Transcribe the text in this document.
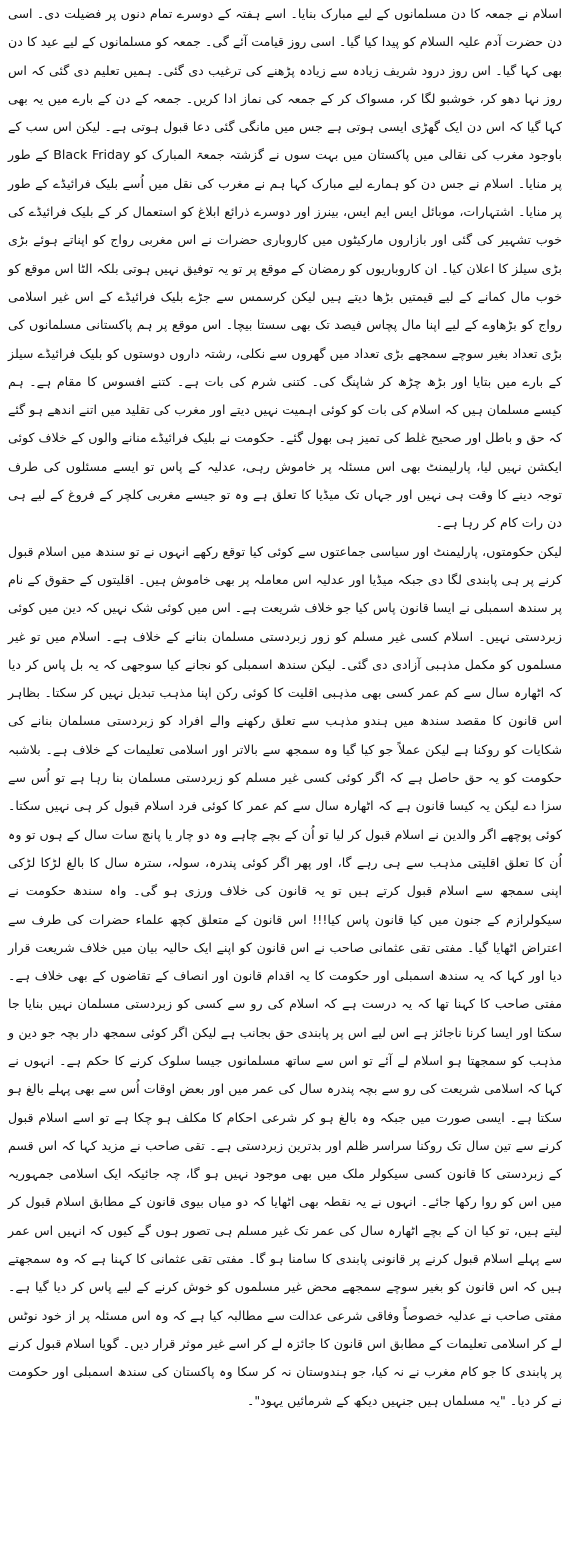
اسلام نے جمعہ کا دن مسلمانوں کے لیے مبارک بنایا۔ اسے ہفتہ کے دوسرے تمام دنوں پر فضیلت دی۔ اسی دن حضرت آدم علیہ السلام کو پیدا کیا گیا۔ اسی روز قیامت آئے گی۔ جمعہ کو مسلمانوں کے لیے عید کا دن بھی کہا گیا۔ اس روز درود شریف زیادہ سے زیادہ پڑھنے کی ترغیب دی گئی۔ ہمیں تعلیم دی گئی کہ اس روز نہا دھو کر، خوشبو لگا کر، مسواک کر کے جمعہ کی نماز ادا کریں۔ جمعہ کے دن کے بارے میں یہ بھی کہا گیا کہ اس دن ایک گھڑی ایسی ہوتی ہے جس میں مانگی گئی دعا قبول ہوتی ہے۔ لیکن اس سب کے باوجود مغرب کی نقالی میں پاکستان میں بہت سوں نے گزشتہ جمعۃ المبارک کو Black Friday کے طور پر منایا۔ اسلام نے جس دن کو ہمارے لیے مبارک کہا ہم نے مغرب کی نقل میں اُسے بلیک فرائیڈے کے طور پر منایا۔ اشتہارات، موبائل ایس ایم ایس، بینرز اور دوسرے ذرائع ابلاغ کو استعمال کر کے بلیک فرائیڈے کی خوب تشہیر کی گئی اور بازاروں مارکیٹوں میں کاروباری حضرات نے اس مغربی رواج کو اپناتے ہوئے بڑی بڑی سیلز کا اعلان کیا۔ ان کاروباریوں کو رمضان کے موقع پر تو یہ توفیق نہیں ہوتی بلکہ الٹا اس موقع کو خوب مال کمانے کے لیے قیمتیں بڑھا دیتے ہیں لیکن کرسمس سے جڑے بلیک فرائیڈے کے اس غیر اسلامی رواج کو بڑھاوے کے لیے اپنا مال پچاس فیصد تک بھی سستا بیچا۔ اس موقع پر ہم پاکستانی مسلمانوں کی بڑی تعداد بغیر سوچے سمجھے بڑی تعداد میں گھروں سے نکلی، رشتہ داروں دوستوں کو بلیک فرائیڈے سیلز کے بارے میں بتایا اور بڑھ چڑھ کر شاپنگ کی۔ کتنی شرم کی بات ہے۔ کتنے افسوس کا مقام ہے۔ ہم کیسے مسلمان ہیں کہ اسلام کی بات کو کوئی اہمیت نہیں دیتے اور مغرب کی تقلید میں اتنے اندھے ہو گئے کہ حق و باطل اور صحیح غلط کی تمیز ہی بھول گئے۔ حکومت نے بلیک فرائیڈے منانے والوں کے خلاف کوئی ایکشن نہیں لیا، پارلیمنٹ بھی اس مسئلہ پر خاموش رہی، عدلیہ کے پاس تو ایسے مسئلوں کی طرف توجہ دینے کا وقت ہی نہیں اور جہاں تک میڈیا کا تعلق ہے وہ تو جیسے مغربی کلچر کے فروغ کے لیے ہی دن رات کام کر رہا ہے۔

لیکن حکومتوں، پارلیمنٹ اور سیاسی جماعتوں سے کوئی کیا توقع رکھے انہوں نے تو سندھ میں اسلام قبول کرنے پر ہی پابندی لگا دی جبکہ میڈیا اور عدلیہ اس معاملہ پر بھی خاموش ہیں۔ اقلیتوں کے حقوق کے نام پر سندھ اسمبلی نے ایسا قانون پاس کیا جو خلاف شریعت ہے۔ اس میں کوئی شک نہیں کہ دین میں کوئی زبردستی نہیں۔ اسلام کسی غیر مسلم کو زور زبردستی مسلمان بنانے کے خلاف ہے۔ اسلام میں تو غیر مسلموں کو مکمل مذہبی آزادی دی گئی۔ لیکن سندھ اسمبلی کو نجانے کیا سوجھی کہ یہ بل پاس کر دیا کہ اٹھارہ سال سے کم عمر کسی بھی مذہبی اقلیت کا کوئی رکن اپنا مذہب تبدیل نہیں کر سکتا۔ بظاہر اس قانون کا مقصد سندھ میں ہندو مذہب سے تعلق رکھنے والے افراد کو زبردستی مسلمان بنانے کی شکایات کو روکنا ہے لیکن عملاً جو کیا گیا وہ سمجھ سے بالاتر اور اسلامی تعلیمات کے خلاف ہے۔ بلاشبہ حکومت کو یہ حق حاصل ہے کہ اگر کوئی کسی غیر مسلم کو زبردستی مسلمان بنا رہا ہے تو اُس سے سزا دے لیکن یہ کیسا قانون ہے کہ اٹھارہ سال سے کم عمر کا کوئی فرد اسلام قبول کر ہی نہیں سکتا۔ کوئی پوچھے اگر والدین نے اسلام قبول کر لیا تو اُن کے بچے چاہے وہ دو چار یا پانچ سات سال کے ہوں تو وہ اُن کا تعلق اقلیتی مذہب سے ہی رہے گا، اور پھر اگر کوئی پندرہ، سولہ، سترہ سال کا بالغ لڑکا لڑکی اپنی سمجھ سے اسلام قبول کرتے ہیں تو یہ قانون کی خلاف ورزی ہو گی۔ واہ سندھ حکومت نے سیکولرازم کے جنون میں کیا قانون پاس کیا!!! اس قانون کے متعلق کچھ علماء حضرات کی طرف سے اعتراض اٹھایا گیا۔ مفتی تقی عثمانی صاحب نے اس قانون کو اپنے ایک حالیہ بیان میں خلاف شریعت قرار دیا اور کہا کہ یہ سندھ اسمبلی اور حکومت کا یہ اقدام قانون اور انصاف کے تقاضوں کے بھی خلاف ہے۔ مفتی صاحب کا کہنا تھا کہ یہ درست ہے کہ اسلام کی رو سے کسی کو زبردستی مسلمان نہیں بنایا جا سکتا اور ایسا کرنا ناجائز ہے اس لیے اس پر پابندی حق بجانب ہے لیکن اگر کوئی سمجھ دار بچہ جو دین و مذہب کو سمجھتا ہو اسلام لے آئے تو اس سے ساتھ مسلمانوں جیسا سلوک کرنے کا حکم ہے۔ انہوں نے کہا کہ اسلامی شریعت کی رو سے بچہ پندرہ سال کی عمر میں اور بعض اوقات اُس سے بھی پہلے بالغ ہو سکتا ہے۔ ایسی صورت میں جبکہ وہ بالغ ہو کر شرعی احکام کا مکلف ہو چکا ہے تو اسے اسلام قبول کرنے سے تین سال تک روکنا سراسر ظلم اور بدترین زبردستی ہے۔ تقی صاحب نے مزید کہا کہ اس قسم کے زبردستی کا قانون کسی سیکولر ملک میں بھی موجود نہیں ہو گا، چہ جائیکہ ایک اسلامی جمہوریہ میں اس کو روا رکھا جائے۔ انہوں نے یہ نقطہ بھی اٹھایا کہ دو میاں بیوی قانون کے مطابق اسلام قبول کر لیتے ہیں، تو کیا ان کے بچے اٹھارہ سال کی عمر تک غیر مسلم ہی تصور ہوں گے کیوں کہ انہیں اس عمر سے پہلے اسلام قبول کرنے پر قانونی پابندی کا سامنا ہو گا۔ مفتی تقی عثمانی کا کہنا ہے کہ وہ سمجھتے ہیں کہ اس قانون کو بغیر سوچے سمجھے محض غیر مسلموں کو خوش کرنے کے لیے پاس کر دیا گیا ہے۔ مفتی صاحب نے عدلیہ خصوصاً وفاقی شرعی عدالت سے مطالبہ کیا ہے کہ وہ اس مسئلہ پر از خود نوٹس لے کر اسلامی تعلیمات کے مطابق اس قانون کا جائزہ لے کر اسے غیر موثر قرار دیں۔ گویا اسلام قبول کرنے پر پابندی کا جو کام مغرب نے نہ کیا، جو ہندوستان نہ کر سکا وہ پاکستان کی سندھ اسمبلی اور حکومت نے کر دیا۔ "یہ مسلماں ہیں جنہیں دیکھ کے شرمائیں یہود"۔
